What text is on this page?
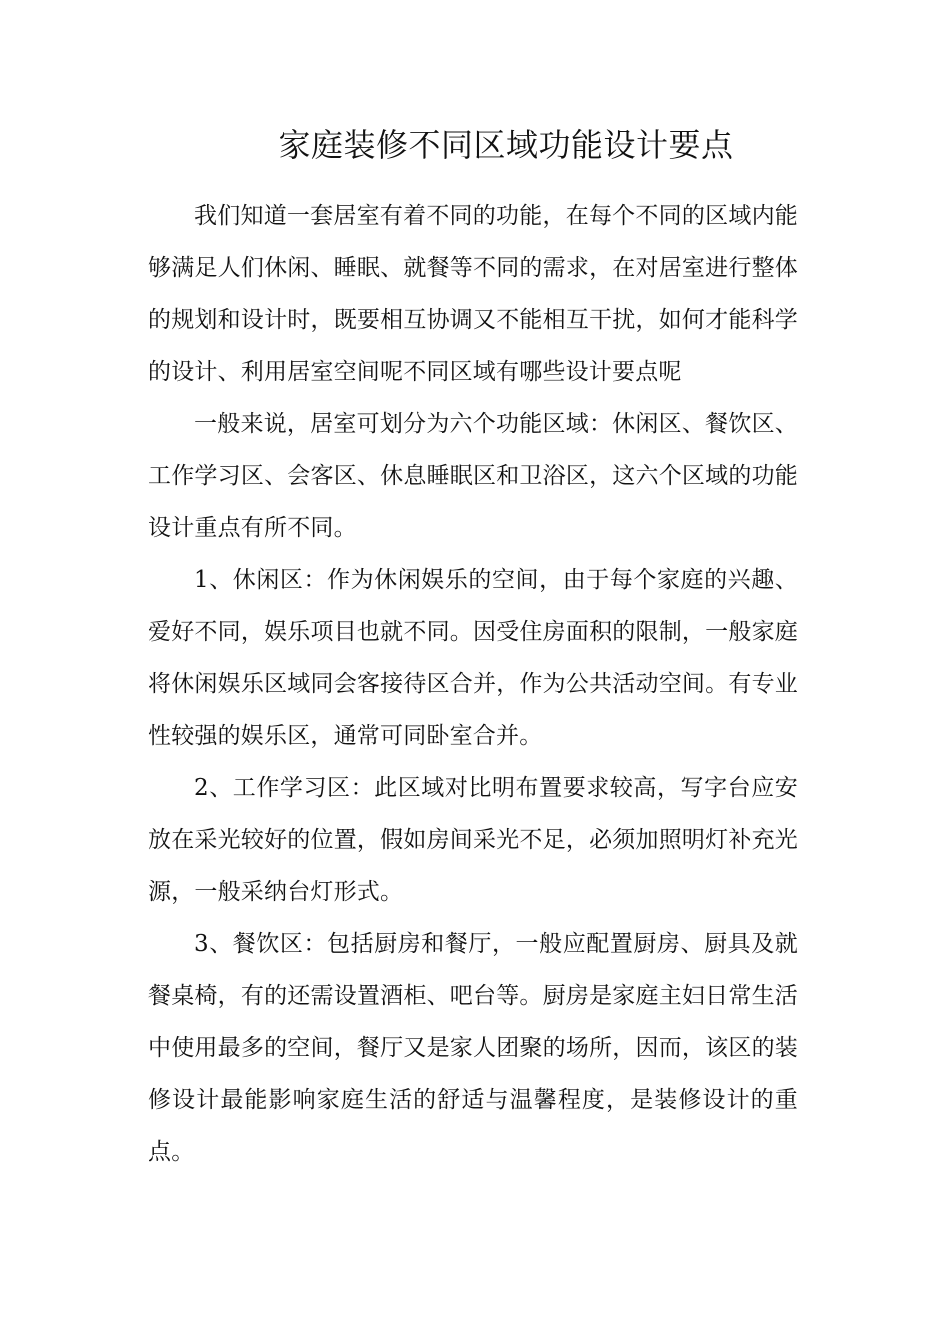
家庭装修不同区域功能设计要点

我们知道一套居室有着不同的功能，在每个不同的区域内能够满足人们休闲、睡眠、就餐等不同的需求，在对居室进行整体的规划和设计时，既要相互协调又不能相互干扰，如何才能科学的设计、利用居室空间呢不同区域有哪些设计要点呢

一般来说，居室可划分为六个功能区域：休闲区、餐饮区、工作学习区、会客区、休息睡眠区和卫浴区，这六个区域的功能设计重点有所不同。

1、休闲区：作为休闲娱乐的空间，由于每个家庭的兴趣、爱好不同，娱乐项目也就不同。因受住房面积的限制，一般家庭将休闲娱乐区域同会客接待区合并，作为公共活动空间。有专业性较强的娱乐区，通常可同卧室合并。

2、工作学习区：此区域对比明布置要求较高，写字台应安放在采光较好的位置，假如房间采光不足，必须加照明灯补充光源，一般采纳台灯形式。

3、餐饮区：包括厨房和餐厅，一般应配置厨房、厨具及就餐桌椅，有的还需设置酒柜、吧台等。厨房是家庭主妇日常生活中使用最多的空间，餐厅又是家人团聚的场所，因而，该区的装修设计最能影响家庭生活的舒适与温馨程度，是装修设计的重点。
